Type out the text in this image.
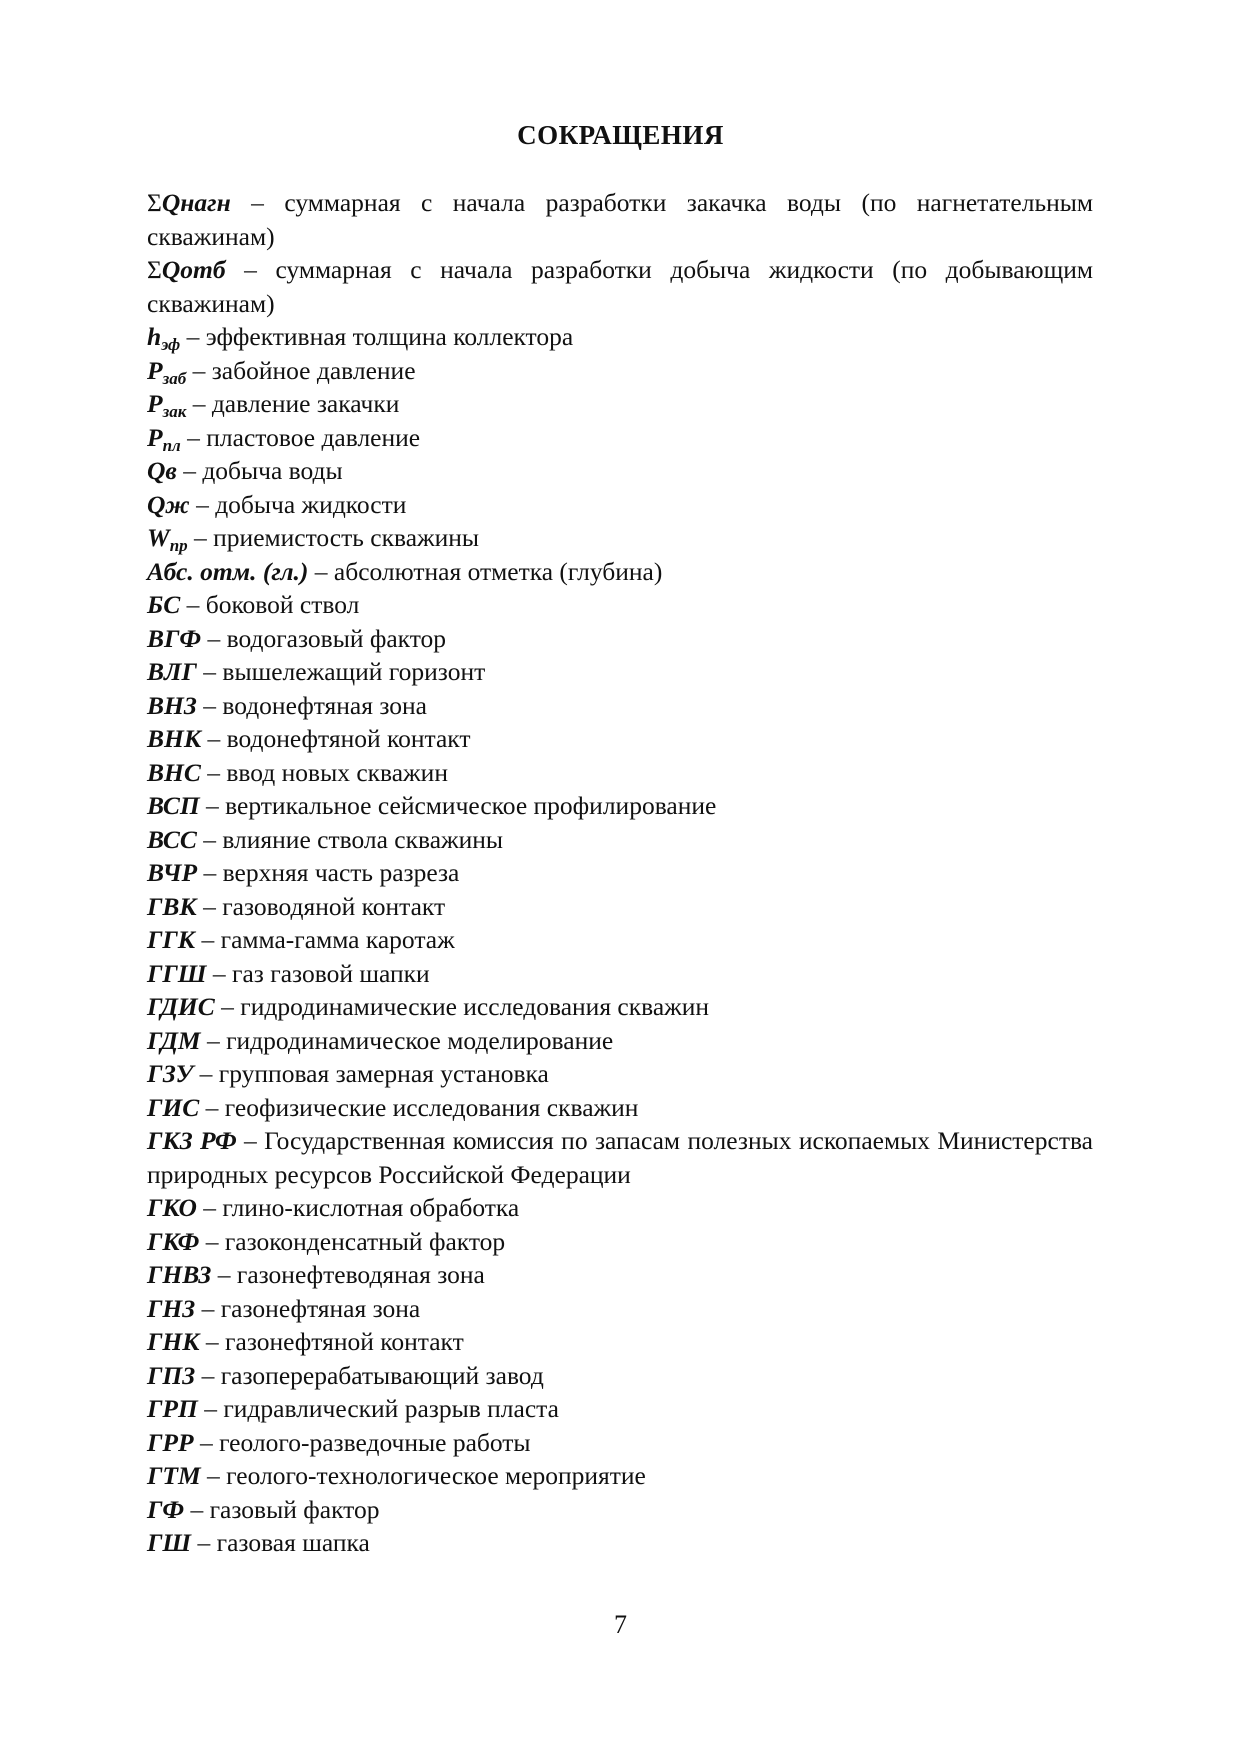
СОКРАЩЕНИЯ

ΣQнагн – суммарная с начала разработки закачка воды (по нагнетательным скважинам)

ΣQотб – суммарная с начала разработки добыча жидкости (по добывающим скважинам)

$h_{эф}$ – эффективная толщина коллектора

$P_{заб}$ – забойное давление

$P_{зак}$ – давление закачки

$P_{пл}$ – пластовое давление

Qв – добыча воды

Qж – добыча жидкости

$W_{пр}$ – приемистость скважины

Абс. отм. (гл.) – абсолютная отметка (глубина)

БС – боковой ствол

ВГФ – водогазовый фактор

ВЛГ – вышележащий горизонт

ВНЗ – водонефтяная зона

ВНК – водонефтяной контакт

ВНС – ввод новых скважин

ВСП – вертикальное сейсмическое профилирование

ВСС – влияние ствола скважины

ВЧР – верхняя часть разреза

ГВК – газоводяной контакт

ГГК – гамма-гамма каротаж

ГГШ – газ газовой шапки

ГДИС – гидродинамические исследования скважин

ГДМ – гидродинамическое моделирование

ГЗУ – групповая замерная установка

ГИС – геофизические исследования скважин

ГКЗ РФ – Государственная комиссия по запасам полезных ископаемых Министерства природных ресурсов Российской Федерации

ГКО – глино-кислотная обработка

ГКФ – газоконденсатный фактор

ГНВЗ – газонефтеводяная зона

ГНЗ – газонефтяная зона

ГНК – газонефтяной контакт

ГПЗ – газоперерабатывающий завод

ГРП – гидравлический разрыв пласта

ГРР – геолого-разведочные работы

ГТМ – геолого-технологическое мероприятие

ГФ – газовый фактор

ГШ – газовая шапка

7
